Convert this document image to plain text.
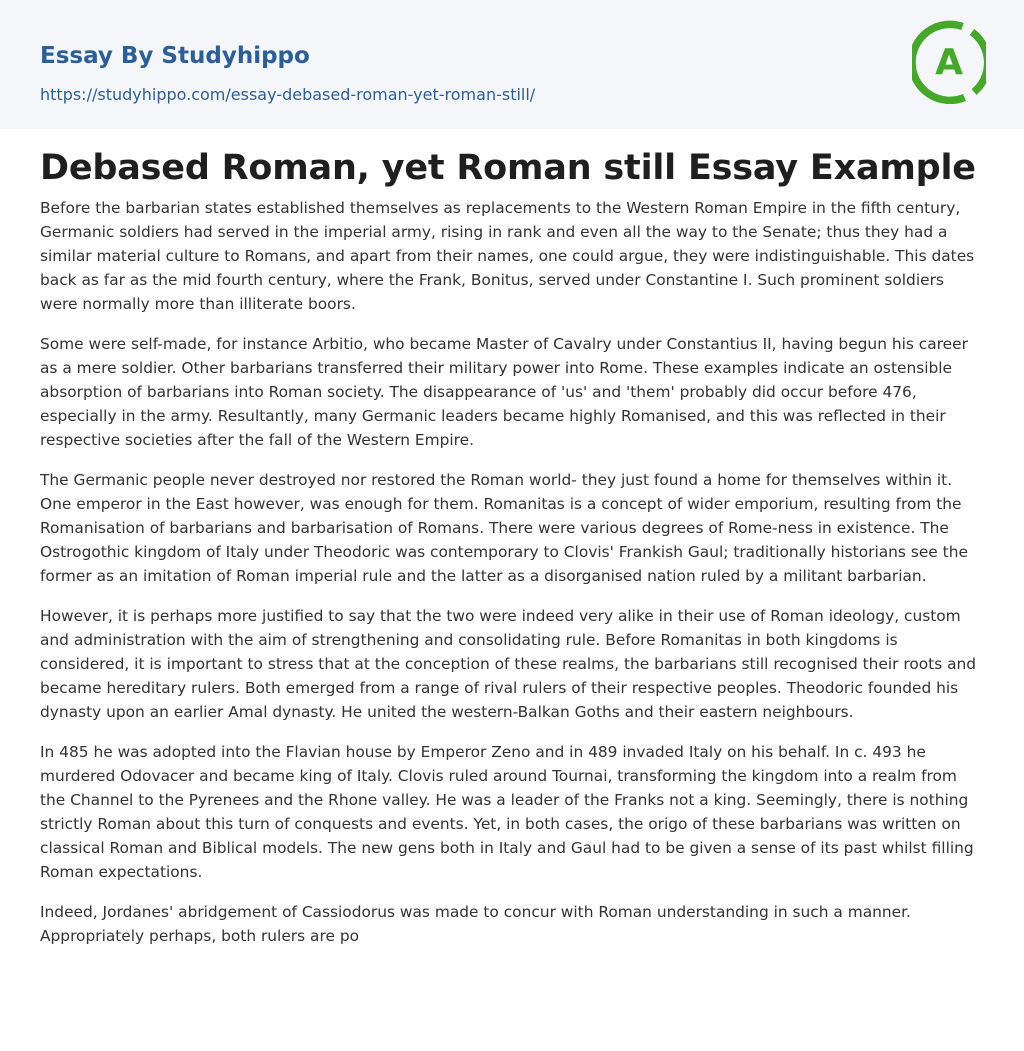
Essay By Studyhippo
https://studyhippo.com/essay-debased-roman-yet-roman-still/
A
Debased Roman, yet Roman still Essay Example

Before the barbarian states established themselves as replacements to the Western Roman Empire in the fifth century, Germanic soldiers had served in the imperial army, rising in rank and even all the way to the Senate; thus they had a similar material culture to Romans, and apart from their names, one could argue, they were indistinguishable. This dates back as far as the mid fourth century, where the Frank, Bonitus, served under Constantine I. Such prominent soldiers were normally more than illiterate boors.

Some were self-made, for instance Arbitio, who became Master of Cavalry under Constantius II, having begun his career as a mere soldier. Other barbarians transferred their military power into Rome. These examples indicate an ostensible absorption of barbarians into Roman society. The disappearance of 'us' and 'them' probably did occur before 476, especially in the army. Resultantly, many Germanic leaders became highly Romanised, and this was reflected in their respective societies after the fall of the Western Empire.

The Germanic people never destroyed nor restored the Roman world- they just found a home for themselves within it. One emperor in the East however, was enough for them. Romanitas is a concept of wider emporium, resulting from the Romanisation of barbarians and barbarisation of Romans. There were various degrees of Rome-ness in existence. The Ostrogothic kingdom of Italy under Theodoric was contemporary to Clovis' Frankish Gaul; traditionally historians see the former as an imitation of Roman imperial rule and the latter as a disorganised nation ruled by a militant barbarian.

However, it is perhaps more justified to say that the two were indeed very alike in their use of Roman ideology, custom and administration with the aim of strengthening and consolidating rule. Before Romanitas in both kingdoms is considered, it is important to stress that at the conception of these realms, the barbarians still recognised their roots and became hereditary rulers. Both emerged from a range of rival rulers of their respective peoples. Theodoric founded his dynasty upon an earlier Amal dynasty. He united the western-Balkan Goths and their eastern neighbours.

In 485 he was adopted into the Flavian house by Emperor Zeno and in 489 invaded Italy on his behalf. In c. 493 he murdered Odovacer and became king of Italy. Clovis ruled around Tournai, transforming the kingdom into a realm from the Channel to the Pyrenees and the Rhone valley. He was a leader of the Franks not a king. Seemingly, there is nothing strictly Roman about this turn of conquests and events. Yet, in both cases, the origo of these barbarians was written on classical Roman and Biblical models. The new gens both in Italy and Gaul had to be given a sense of its past whilst filling Roman expectations.

Indeed, Jordanes' abridgement of Cassiodorus was made to concur with Roman understanding in such a manner. Appropriately perhaps, both rulers are po
